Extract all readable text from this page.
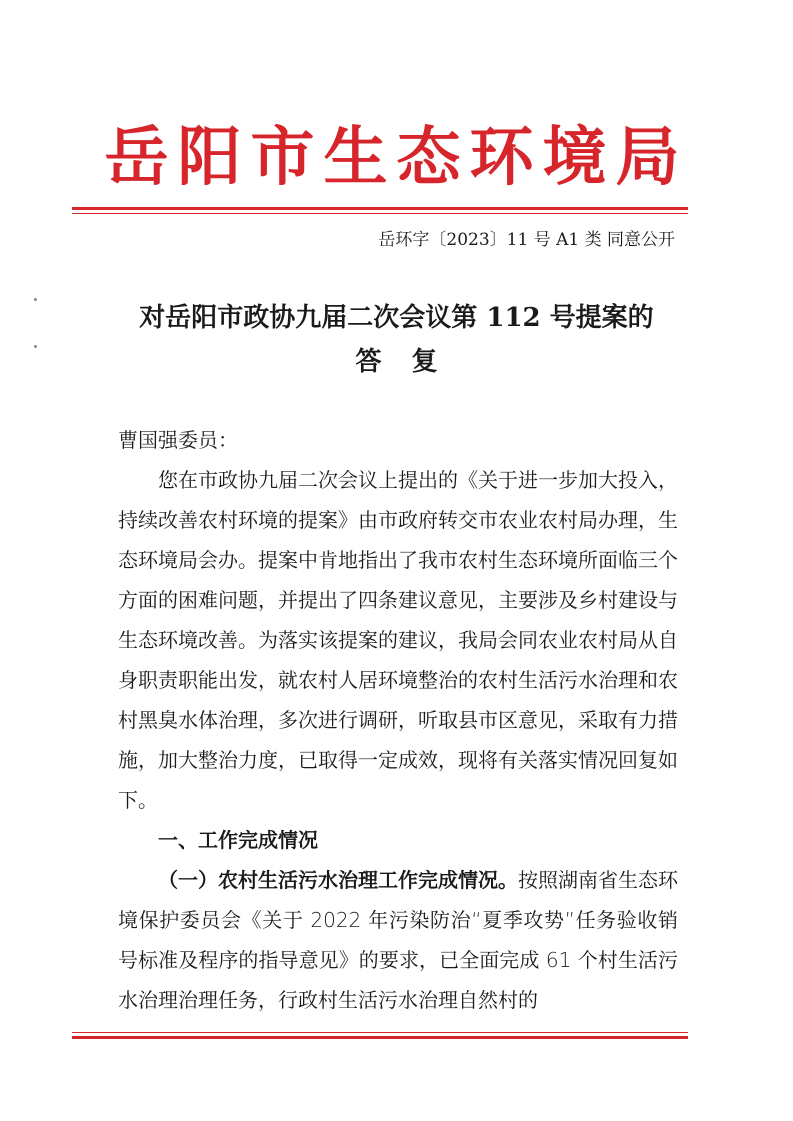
岳阳市生态环境局
岳环字〔2023〕11 号 A1 类 同意公开
对岳阳市政协九届二次会议第 112 号提案的
答复

曹国强委员：

您在市政协九届二次会议上提出的《关于进一步加大投入，持续改善农村环境的提案》由市政府转交市农业农村局办理，生态环境局会办。提案中肯地指出了我市农村生态环境所面临三个方面的困难问题，并提出了四条建议意见，主要涉及乡村建设与生态环境改善。为落实该提案的建议，我局会同农业农村局从自身职责职能出发，就农村人居环境整治的农村生活污水治理和农村黑臭水体治理，多次进行调研，听取县市区意见，采取有力措施，加大整治力度，已取得一定成效，现将有关落实情况回复如下。

一、工作完成情况

（一）农村生活污水治理工作完成情况。按照湖南省生态环境保护委员会《关于 2022 年污染防治“夏季攻势”任务验收销号标准及程序的指导意见》的要求，已全面完成 61 个村生活污水治理治理任务，行政村生活污水治理自然村的
